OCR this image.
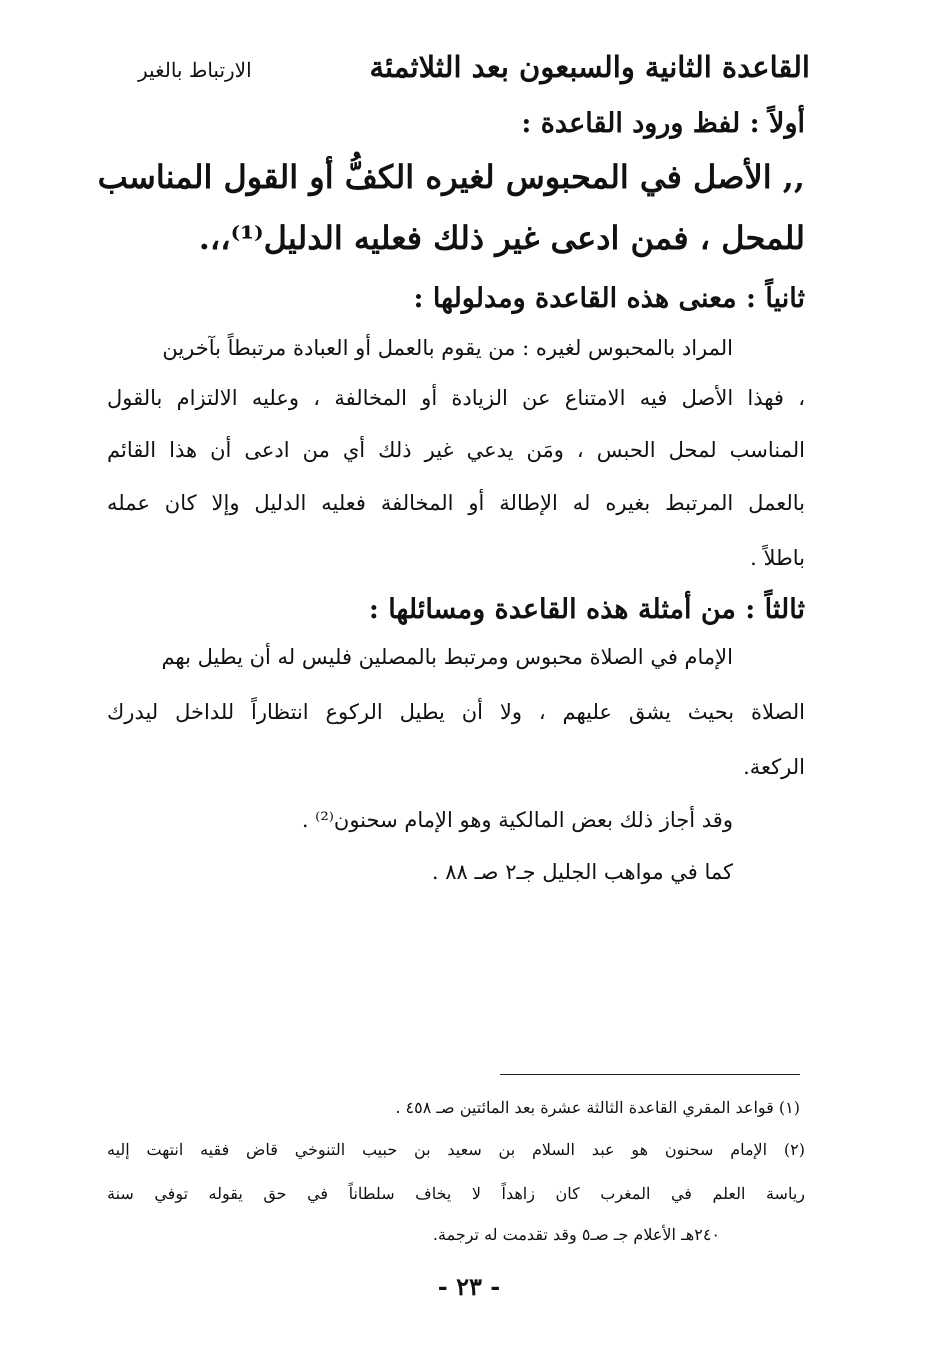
القاعدة الثانية والسبعون بعد الثلاثمئة
الارتباط بالغير
أولاً : لفظ ورود القاعدة :
,, الأصل في المحبوس لغيره الكفُّ أو القول المناسب
للمحل ، فمن ادعى غير ذلك فعليه الدليل⁽¹⁾،،.
ثانياً : معنى هذه القاعدة ومدلولها :
المراد بالمحبوس لغيره : من يقوم بالعمل أو العبادة مرتبطاً بآخرين
، فهذا الأصل فيه الامتناع عن الزيادة أو المخالفة ، وعليه الالتزام بالقول
المناسب لمحل الحبس ، ومَن يدعي غير ذلك أي من ادعى أن هذا القائم
بالعمل المرتبط بغيره له الإطالة أو المخالفة فعليه الدليل وإلا كان عمله
باطلاً .
ثالثاً : من أمثلة هذه القاعدة ومسائلها :
الإمام في الصلاة محبوس ومرتبط بالمصلين فليس له أن يطيل بهم
الصلاة بحيث يشق عليهم ، ولا أن يطيل الركوع انتظاراً للداخل ليدرك
الركعة.
وقد أجاز ذلك بعض المالكية وهو الإمام سحنون⁽²⁾ .
كما في مواهب الجليل جـ٢ صـ ٨٨ .
(١) قواعد المقري القاعدة الثالثة عشرة بعد المائتين صـ ٤٥٨ .
(٢) الإمام سحنون هو عبد السلام بن سعيد بن حبيب التنوخي قاض فقيه انتهت إليه
رياسة العلم في المغرب كان زاهداً لا يخاف سلطاناً في حق يقوله توفي سنة
٢٤٠هـ الأعلام جـ صـ٥ وقد تقدمت له ترجمة.
- ٢٣ -
